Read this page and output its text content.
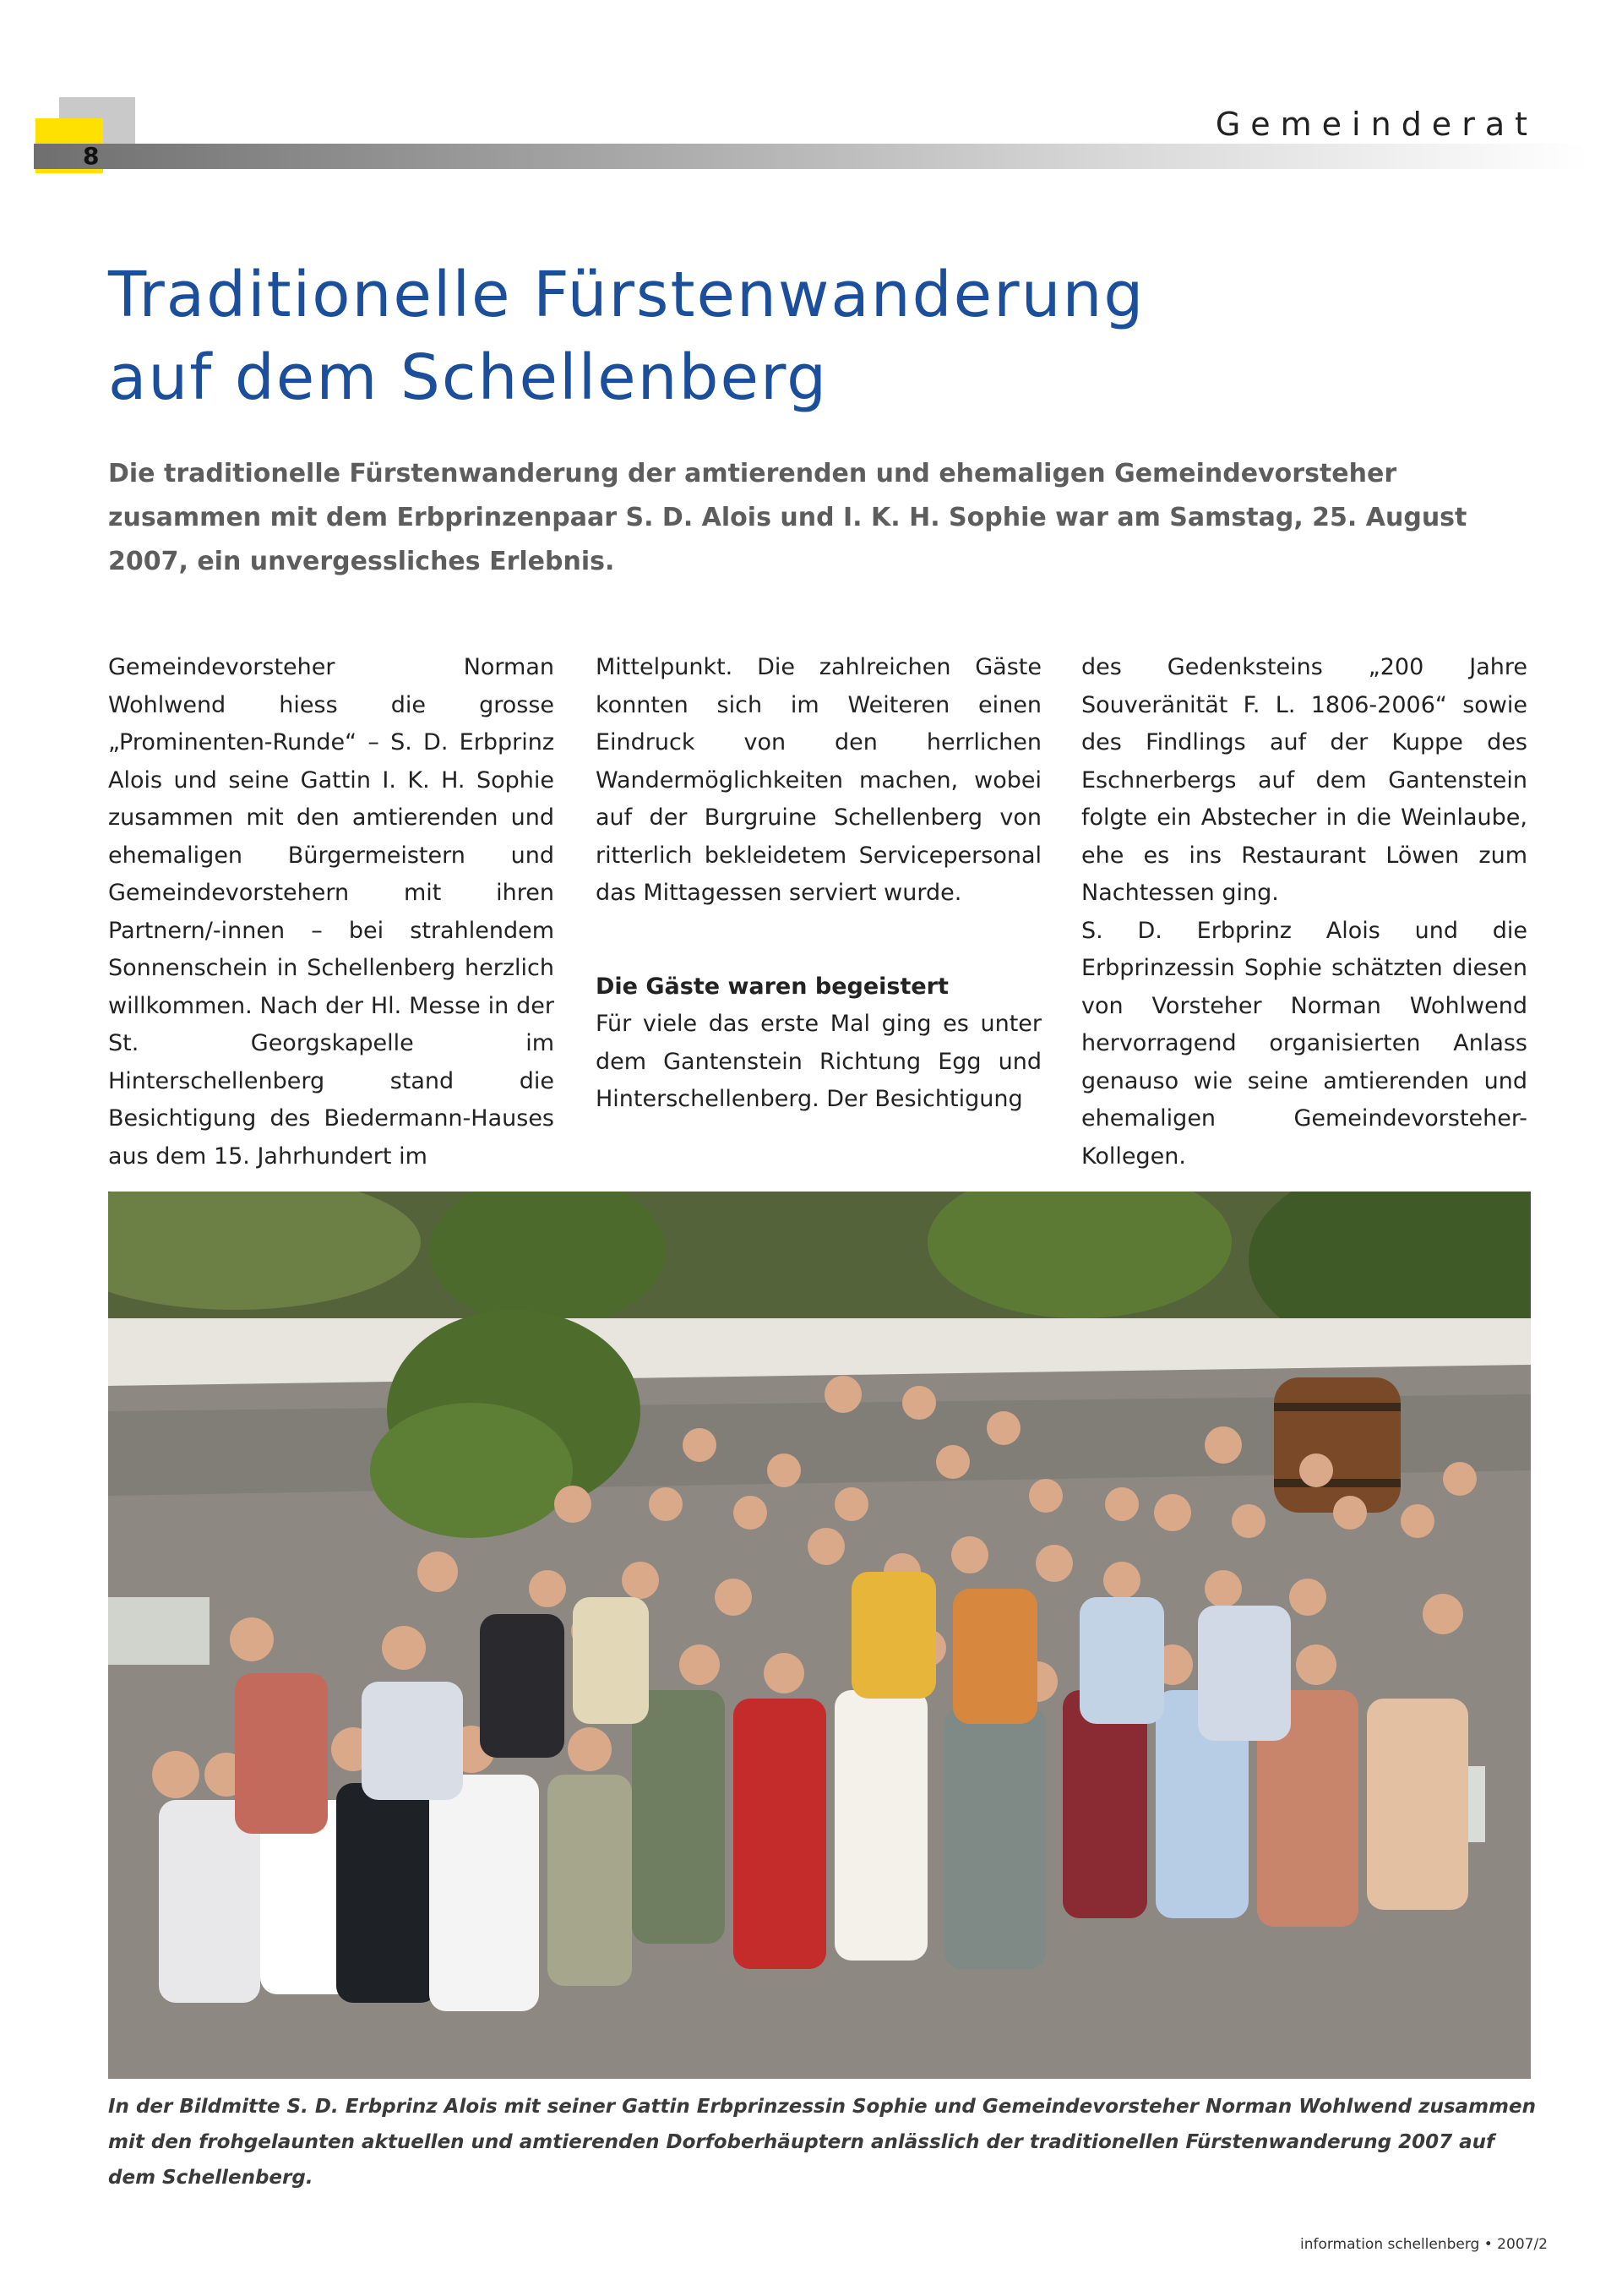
8
Gemeinderat
Traditionelle Fürstenwanderung
auf dem Schellenberg

Die traditionelle Fürstenwanderung der amtierenden und ehemaligen Gemeindevorsteher zusammen mit dem Erbprinzenpaar S. D. Alois und I. K. H. Sophie war am Samstag, 25. August 2007, ein unvergessliches Erlebnis.

Gemeindevorsteher Norman Wohlwend hiess die grosse „Prominenten-Runde“ – S. D. Erbprinz Alois und seine Gattin I. K. H. Sophie zusammen mit den amtierenden und ehemaligen Bürgermeistern und Gemeindevorstehern mit ihren Partnern/-innen – bei strahlendem Sonnenschein in Schellenberg herzlich willkommen. Nach der Hl. Messe in der St. Georgskapelle im Hinterschellenberg stand die Besichtigung des Biedermann-Hauses aus dem 15. Jahrhundert im

Mittelpunkt. Die zahlreichen Gäste konnten sich im Weiteren einen Eindruck von den herrlichen Wandermöglichkeiten machen, wobei auf der Burgruine Schellenberg von ritterlich bekleidetem Servicepersonal das Mittagessen serviert wurde.

Die Gäste waren begeistert

Für viele das erste Mal ging es unter dem Gantenstein Richtung Egg und Hinterschellenberg. Der Besichtigung

des Gedenksteins „200 Jahre Souveränität F. L. 1806-2006“ sowie des Findlings auf der Kuppe des Eschnerbergs auf dem Gantenstein folgte ein Abstecher in die Weinlaube, ehe es ins Restaurant Löwen zum Nachtessen ging.

S. D. Erbprinz Alois und die Erbprinzessin Sophie schätzten diesen von Vorsteher Norman Wohlwend hervorragend organisierten Anlass genauso wie seine amtierenden und ehemaligen Gemeindevorsteher-Kollegen.

In der Bildmitte S. D. Erbprinz Alois mit seiner Gattin Erbprinzessin Sophie und Gemeindevorsteher Norman Wohlwend zusammen mit den frohgelaunten aktuellen und amtierenden Dorfoberhäuptern anlässlich der traditionellen Fürstenwanderung 2007 auf dem Schellenberg.

information schellenberg • 2007/2
